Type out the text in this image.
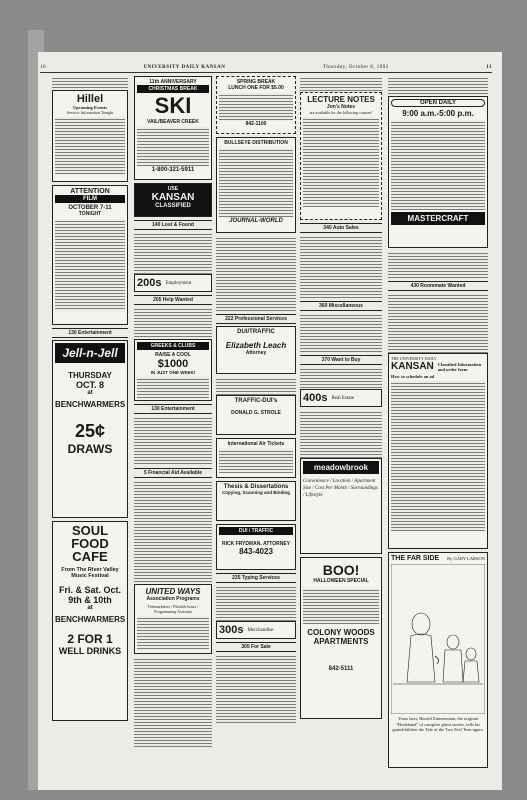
10	UNIVERSITY DAILY KANSAN	Thursday, October 8, 1992	11
Hillel
Upcoming Events
Service: Information Tonight
ATTENTION
FILM
OCTOBER 7-11
TONIGHT
130 Entertainment
Jell-n-Jell
THURSDAY
OCT. 8
at
BENCHWARMERS
25¢
DRAWS
SOUL FOOD CAFE
From The River Valley Music Festival
Fri. & Sat. Oct. 9th & 10th
at
BENCHWARMERS
2 FOR 1
WELL DRINKS
11th ANNIVERSARY
CHRISTMAS BREAK
SKI
VAIL/BEAVER CREEK
1-800-321-5911
USE
KANSAN
CLASSIFIED
140 Lost & Found
200s Employment
205 Help Wanted
GREEKS & CLUBS
RAISE A COOL
$1000
IN JUST ONE WEEK!
130 Entertainment
5 Financial Aid Available
UNITED WAYS
Association Programs
Telemarketers / Flexible hours / Programming Assistant
SPRING BREAK
LUNCH ONE FOR $5.00
842-1100
BULLSEYE DISTRIBUTION
JOURNAL-WORLD
222 Professional Services
DUI/TRAFFIC
Elizabeth Leach
Attorney
TRAFFIC-DUI's
DONALD G. STROLE
International Air Tickets
Thesis & Dissertations
Copying, Scanning and Binding
DUI / TRAFFIC
RICK FRYDMAN, ATTORNEY
843-4023
235 Typing Services
300s Merchandise
305 For Sale
LECTURE NOTES
Jon's Notes
are available for the following courses!
340 Auto Sales
360 Miscellaneous
370 Want to Buy
400s Real Estate
meadowbrook
Convenience / Location / Apartment Size / Cost Per Month / Surroundings / Lifestyle
BOO!
HALLOWEEN SPECIAL
COLONY WOODS
APARTMENTS
842-5111
OPEN DAILY
9:00 a.m.-5:00 p.m.
MASTERCRAFT
430 Roommate Wanted
THE UNIVERSITY DAILY
KANSAN Classified Information and order form
How to schedule an ad
THE FAR SIDE By GARY LARSON
Years later, Harold Zimmerman, the original "Hookhand" of campfire ghost stories, tells his grandchildren the Tale of the Two Evil Teen-agers.
